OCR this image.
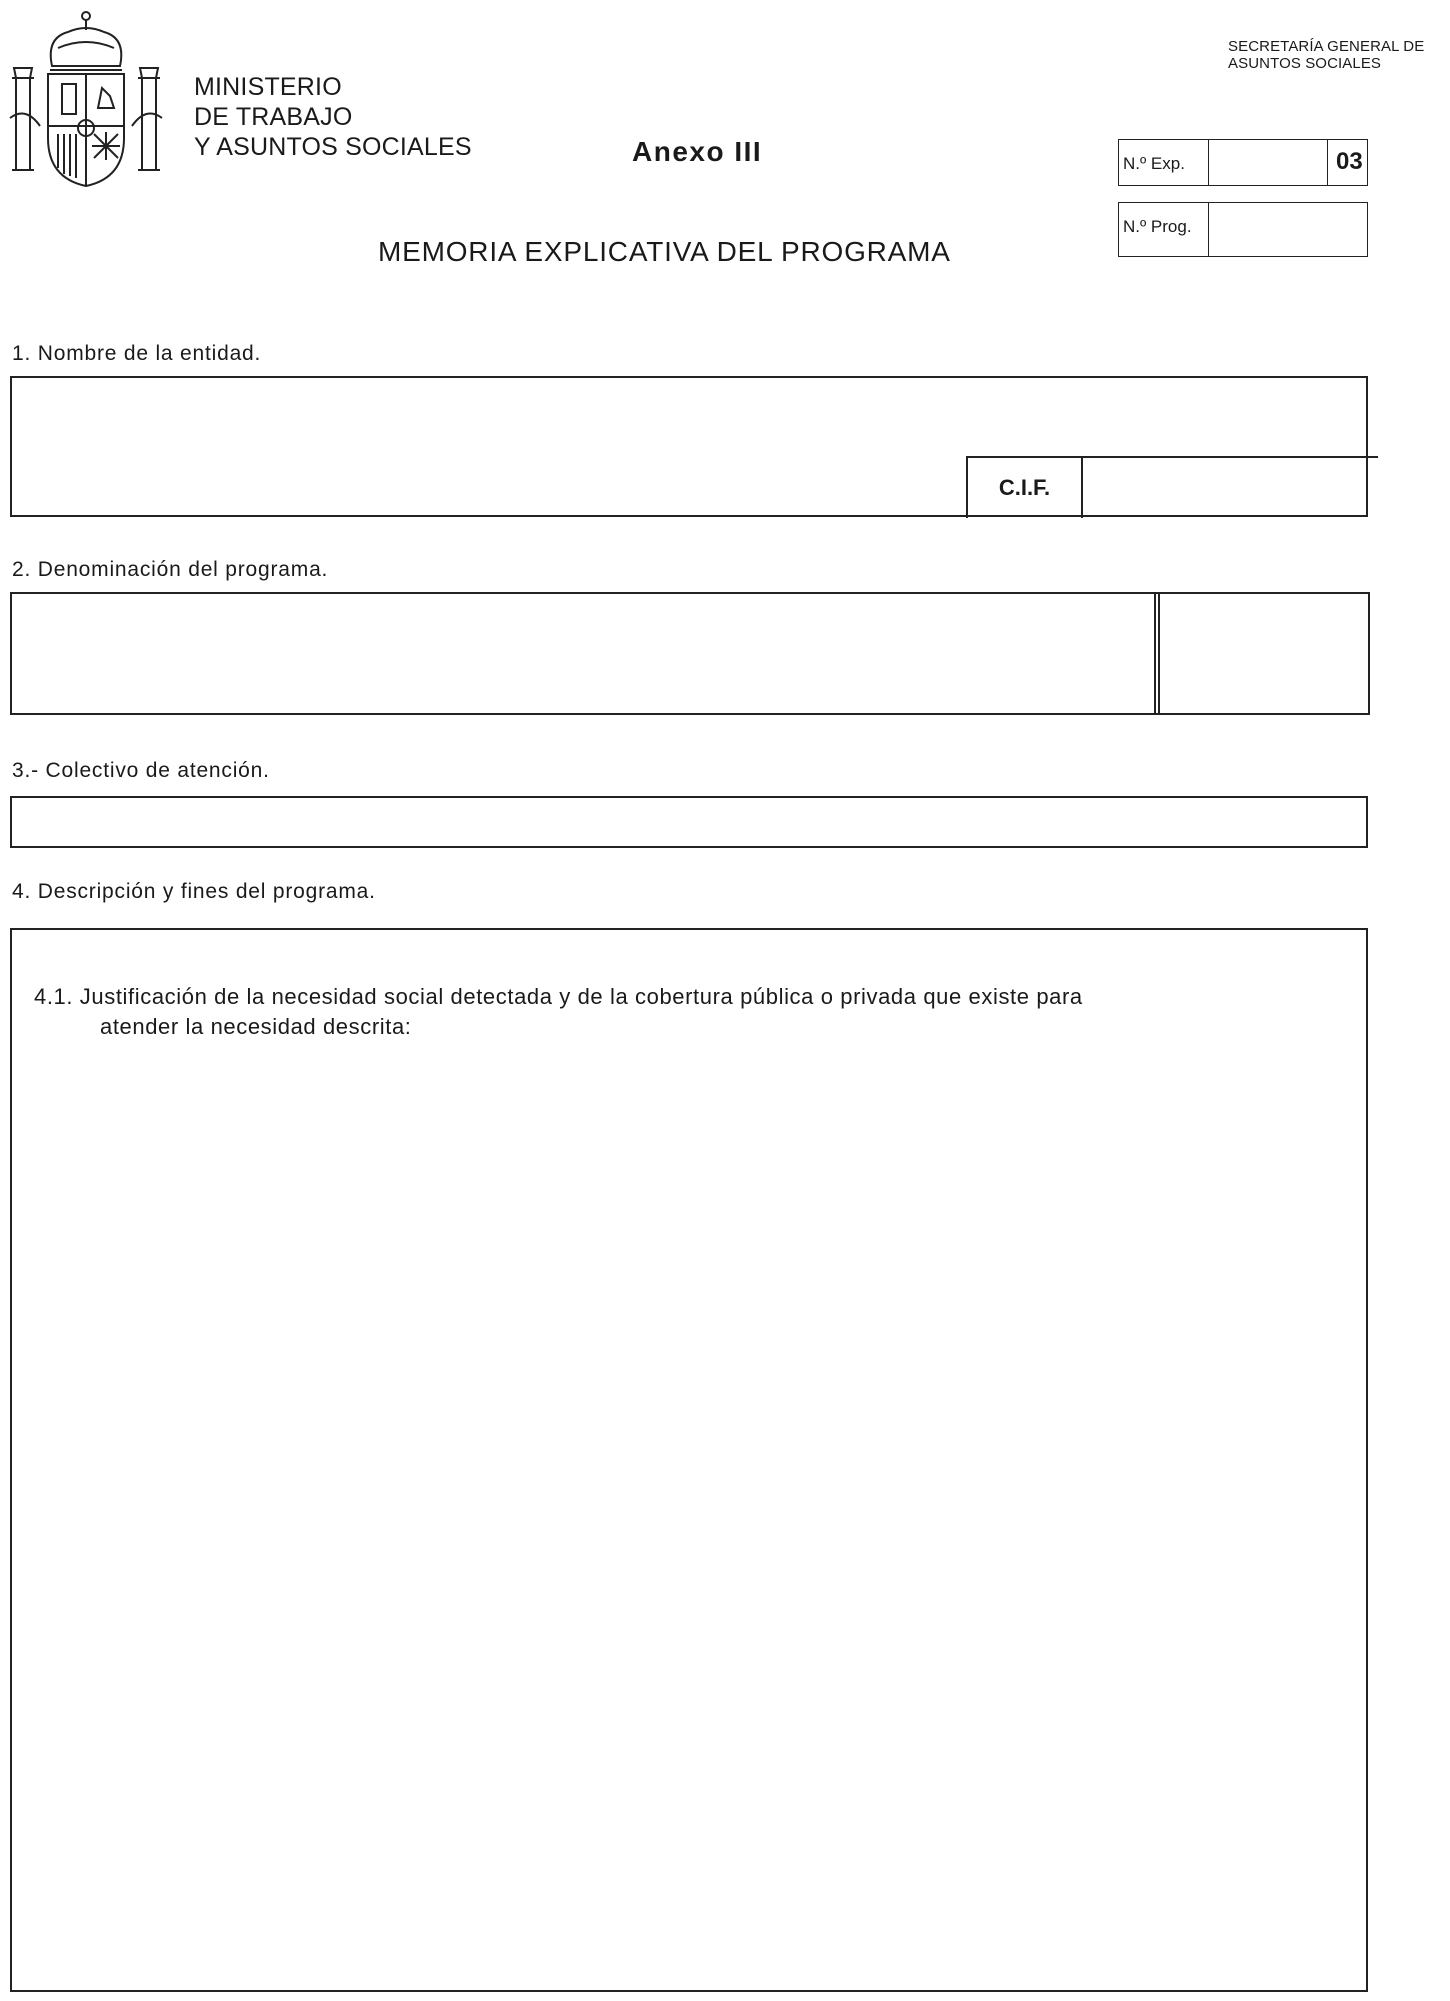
MINISTERIO
DE TRABAJO
Y ASUNTOS SOCIALES
SECRETARÍA GENERAL DE
ASUNTOS SOCIALES
Anexo III	N.º Exp.	03
N.º Prog.
MEMORIA EXPLICATIVA DEL PROGRAMA
1. Nombre de la entidad.
C.I.F.
2. Denominación del programa.
3.- Colectivo de atención.
4. Descripción y fines del programa.
4.1. Justificación de la necesidad social detectada y de la cobertura pública o privada que existe para
atender la necesidad descrita:
